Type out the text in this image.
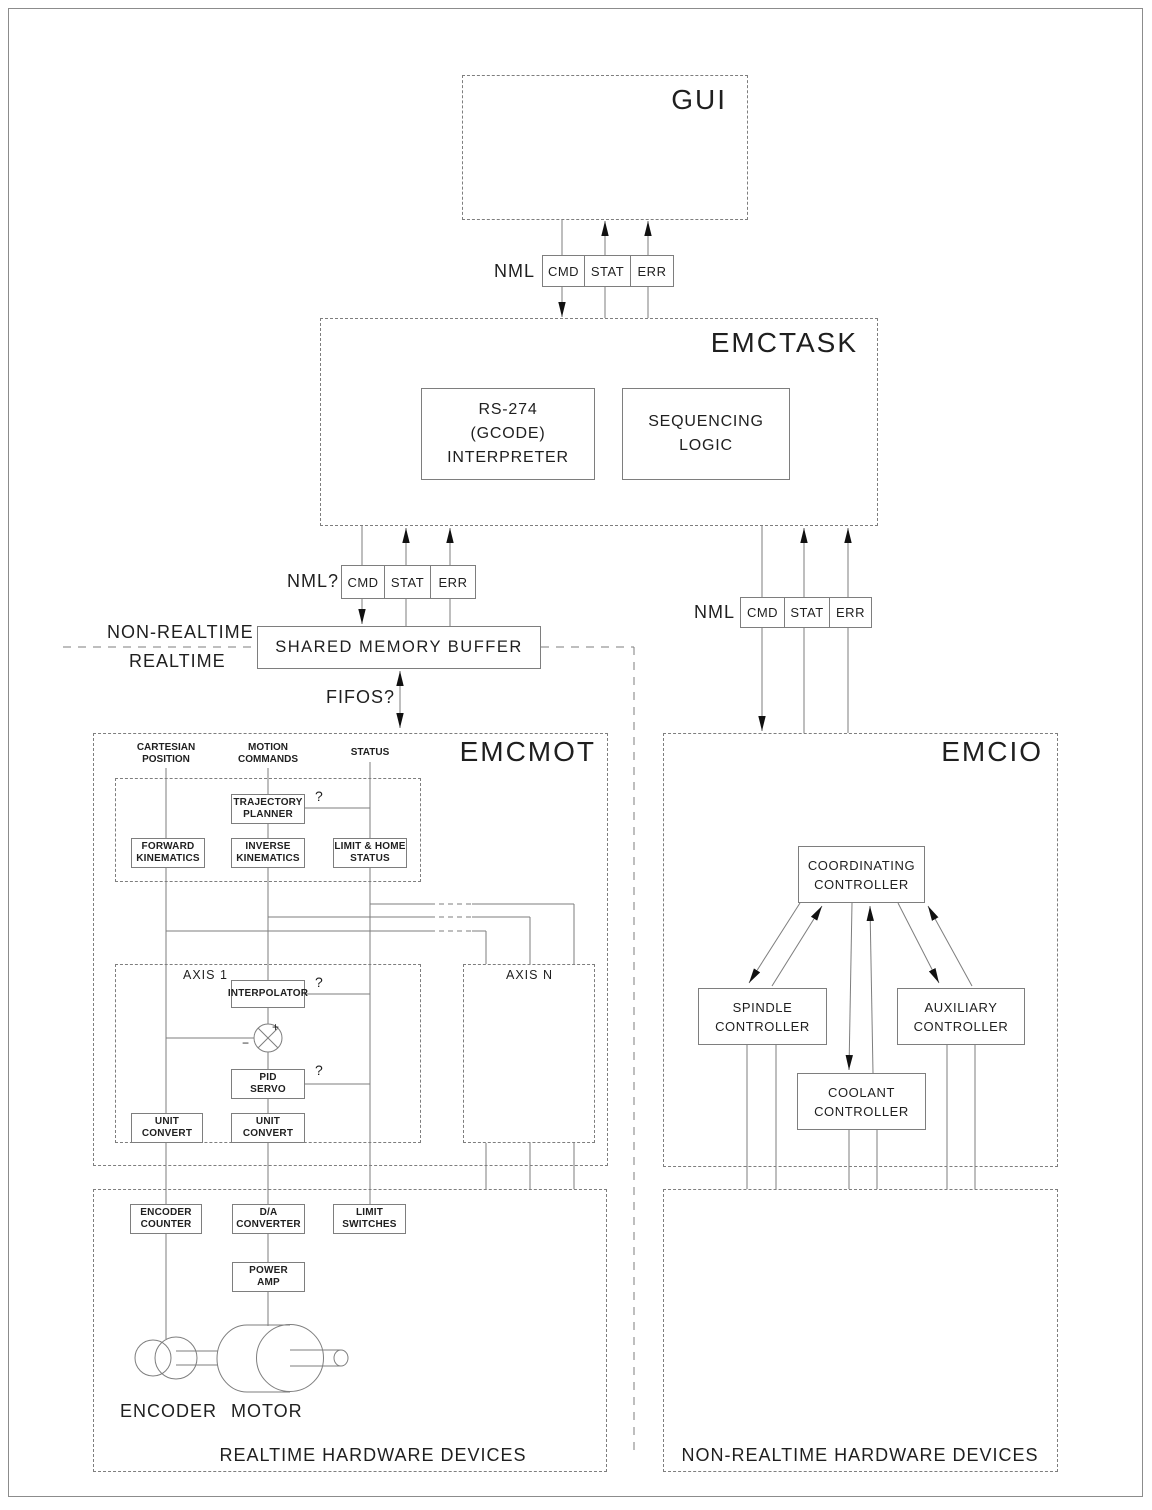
+
−
GUI
EMCTASK
EMCMOT	EMCIO
NML CMD STAT	ERR
RS-274
(GCODE)
INTERPRETER
SEQUENCING
LOGIC
NML? CMD STAT	ERR
NML CMD STAT ERR
NON-REALTIME
REALTIME
SHARED MEMORY BUFFER
FIFOS?
CARTESIAN
POSITION
MOTION
COMMANDS
STATUS
TRAJECTORY
PLANNER
?
FORWARD
KINEMATICS
INVERSE
KINEMATICS
LIMIT & HOME
STATUS
AXIS 1
INTERPOLATOR
?
PID
SERVO
?
UNIT
CONVERT
UNIT
CONVERT
AXIS N
COORDINATING
CONTROLLER
SPINDLE
CONTROLLER
AUXILIARY
CONTROLLER
COOLANT
CONTROLLER
ENCODER
COUNTER
D/A
CONVERTER
LIMIT
SWITCHES
POWER
AMP
ENCODER MOTOR
REALTIME HARDWARE DEVICES	NON-REALTIME HARDWARE DEVICES
